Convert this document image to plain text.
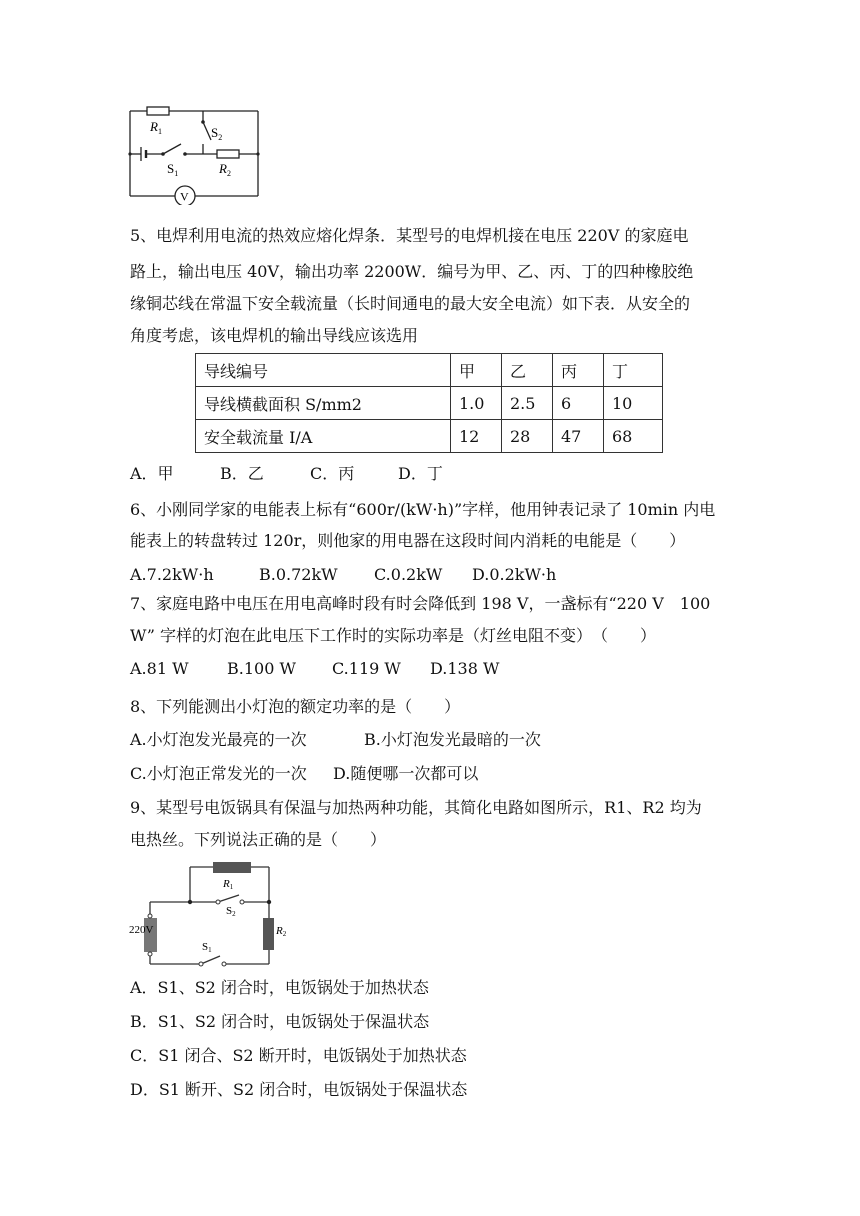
$R_1$	$S_2$
$S_1$	$R_2$
V
5、电焊利用电流的热效应熔化焊条．某型号的电焊机接在电压 220V 的家庭电
路上，输出电压 40V，输出功率 2200W．编号为甲、乙、丙、丁的四种橡胶绝
缘铜芯线在常温下安全载流量（长时间通电的最大安全电流）如下表．从安全的
角度考虑，该电焊机的输出导线应该选用
导线编号	甲	乙	丙	丁
导线横截面积 S/mm2	1.0	2.5	6	10
安全载流量 I/A	12	28	47	68
A．甲	B．乙	C．丙	D．丁
6、小刚同学家的电能表上标有“600r/(kW·h)”字样，他用钟表记录了 10min 内电
能表上的转盘转过 120r，则他家的用电器在这段时间内消耗的电能是（　　）
A.7.2kW·h	B.0.72kW C.0.2kW D.0.2kW·h
7、家庭电路中电压在用电高峰时段有时会降低到 198 V，一盏标有“220 V　100
W” 字样的灯泡在此电压下工作时的实际功率是（灯丝电阻不变）　（　　）
A.81 W B.100 W C.119 W D.138 W
8、下列能测出小灯泡的额定功率的是（　　）
A.小灯泡发光最亮的一次	B.小灯泡发光最暗的一次
C.小灯泡正常发光的一次 D.随便哪一次都可以
9、某型号电饭锅具有保温与加热两种功能，其简化电路如图所示，R1、R2 均为
电热丝。下列说法正确的是（　　）
R1
S2
220V
S1
R2
A．S1、S2 闭合时，电饭锅处于加热状态
B．S1、S2 闭合时，电饭锅处于保温状态
C．S1 闭合、S2 断开时，电饭锅处于加热状态
D．S1 断开、S2 闭合时，电饭锅处于保温状态
